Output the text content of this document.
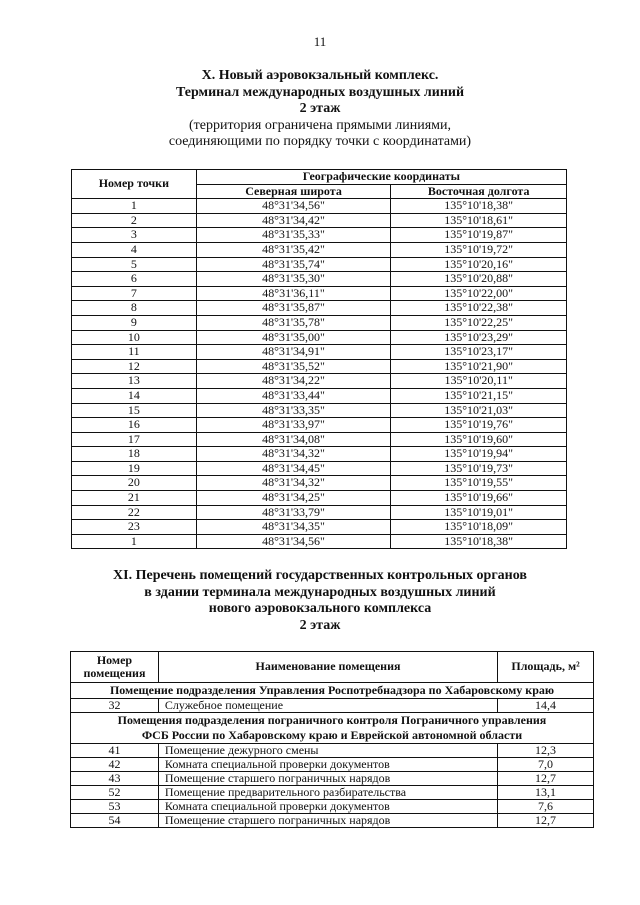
11
X. Новый аэровокзальный комплекс.
Терминал международных воздушных линий
2 этаж
(территория ограничена прямыми линиями,
соединяющими по порядку точки с координатами)
Номер точки	Географические координаты	
	Северная широта	Восточная долгота
1	48°31'34,56"	135°10'18,38"
2	48°31'34,42"	135°10'18,61"
3	48°31'35,33"	135°10'19,87"
4	48°31'35,42"	135°10'19,72"
5	48°31'35,74"	135°10'20,16"
6	48°31'35,30"	135°10'20,88"
7	48°31'36,11"	135°10'22,00"
8	48°31'35,87"	135°10'22,38"
9	48°31'35,78"	135°10'22,25"
10	48°31'35,00"	135°10'23,29"
11	48°31'34,91"	135°10'23,17"
12	48°31'35,52"	135°10'21,90"
13	48°31'34,22"	135°10'20,11"
14	48°31'33,44"	135°10'21,15"
15	48°31'33,35"	135°10'21,03"
16	48°31'33,97"	135°10'19,76"
17	48°31'34,08"	135°10'19,60"
18	48°31'34,32"	135°10'19,94"
19	48°31'34,45"	135°10'19,73"
20	48°31'34,32"	135°10'19,55"
21	48°31'34,25"	135°10'19,66"
22	48°31'33,79"	135°10'19,01"
23	48°31'34,35"	135°10'18,09"
1	48°31'34,56"	135°10'18,38"
XI. Перечень помещений государственных контрольных органов
в здании терминала международных воздушных линий
нового аэровокзального комплекса
2 этаж
Номер
помещения	Наименование помещения	Площадь, м²
Помещение подразделения Управления Роспотребнадзора по Хабаровскому краю		
32	Служебное помещение	14,4

Помещения подразделения пограничного контроля Пограничного управления
ФСБ России по Хабаровскому краю и Еврейской автономной области		

41	Помещение дежурного смены	12,3
42	Комната специальной проверки документов	7,0
43	Помещение старшего пограничных нарядов	12,7
52	Помещение предварительного разбирательства	13,1
53	Комната специальной проверки документов	7,6
54	Помещение старшего пограничных нарядов	12,7
